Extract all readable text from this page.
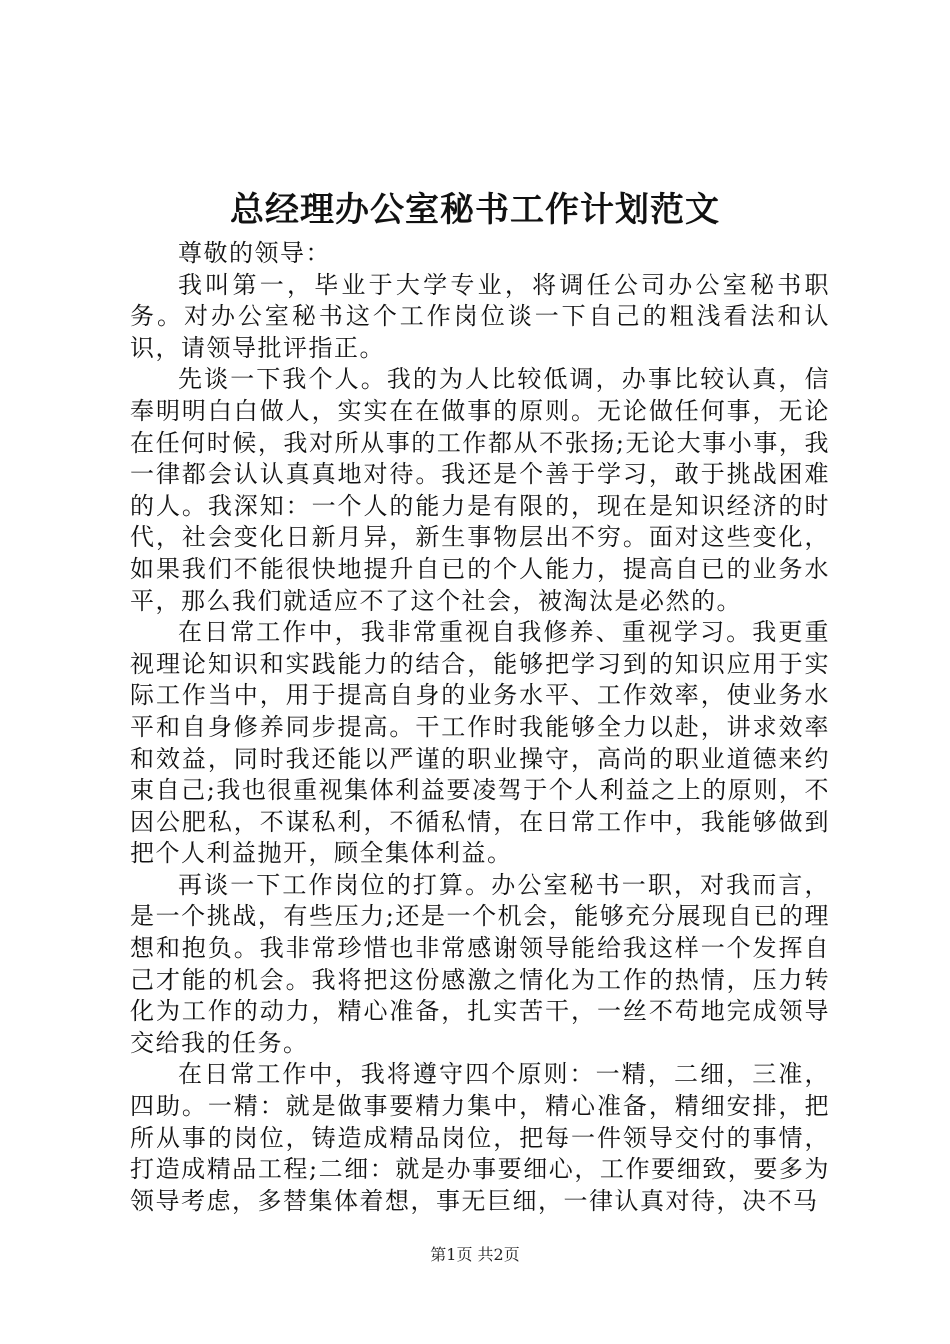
总经理办公室秘书工作计划范文

尊敬的领导：

我叫第一，毕业于大学专业，将调任公司办公室秘书职务。对办公室秘书这个工作岗位谈一下自己的粗浅看法和认识，请领导批评指正。

先谈一下我个人。我的为人比较低调，办事比较认真，信奉明明白白做人，实实在在做事的原则。无论做任何事，无论在任何时候，我对所从事的工作都从不张扬;无论大事小事，我一律都会认认真真地对待。我还是个善于学习，敢于挑战困难的人。我深知：一个人的能力是有限的，现在是知识经济的时代，社会变化日新月异，新生事物层出不穷。面对这些变化，如果我们不能很快地提升自已的个人能力，提高自已的业务水平，那么我们就适应不了这个社会，被淘汰是必然的。

在日常工作中，我非常重视自我修养、重视学习。我更重视理论知识和实践能力的结合，能够把学习到的知识应用于实际工作当中，用于提高自身的业务水平、工作效率，使业务水平和自身修养同步提高。干工作时我能够全力以赴，讲求效率和效益，同时我还能以严谨的职业操守，高尚的职业道德来约束自己;我也很重视集体利益要凌驾于个人利益之上的原则，不因公肥私，不谋私利，不循私情，在日常工作中，我能够做到把个人利益抛开，顾全集体利益。

再谈一下工作岗位的打算。办公室秘书一职，对我而言，是一个挑战，有些压力;还是一个机会，能够充分展现自已的理想和抱负。我非常珍惜也非常感谢领导能给我这样一个发挥自己才能的机会。我将把这份感激之情化为工作的热情，压力转化为工作的动力，精心准备，扎实苦干，一丝不苟地完成领导交给我的任务。

在日常工作中，我将遵守四个原则：一精，二细，三准，四助。一精：就是做事要精力集中，精心准备，精细安排，把所从事的岗位，铸造成精品岗位，把每一件领导交付的事情，打造成精品工程;二细：就是办事要细心，工作要细致，要多为领导考虑，多替集体着想，事无巨细，一律认真对待，决不马

第1页 共2页
